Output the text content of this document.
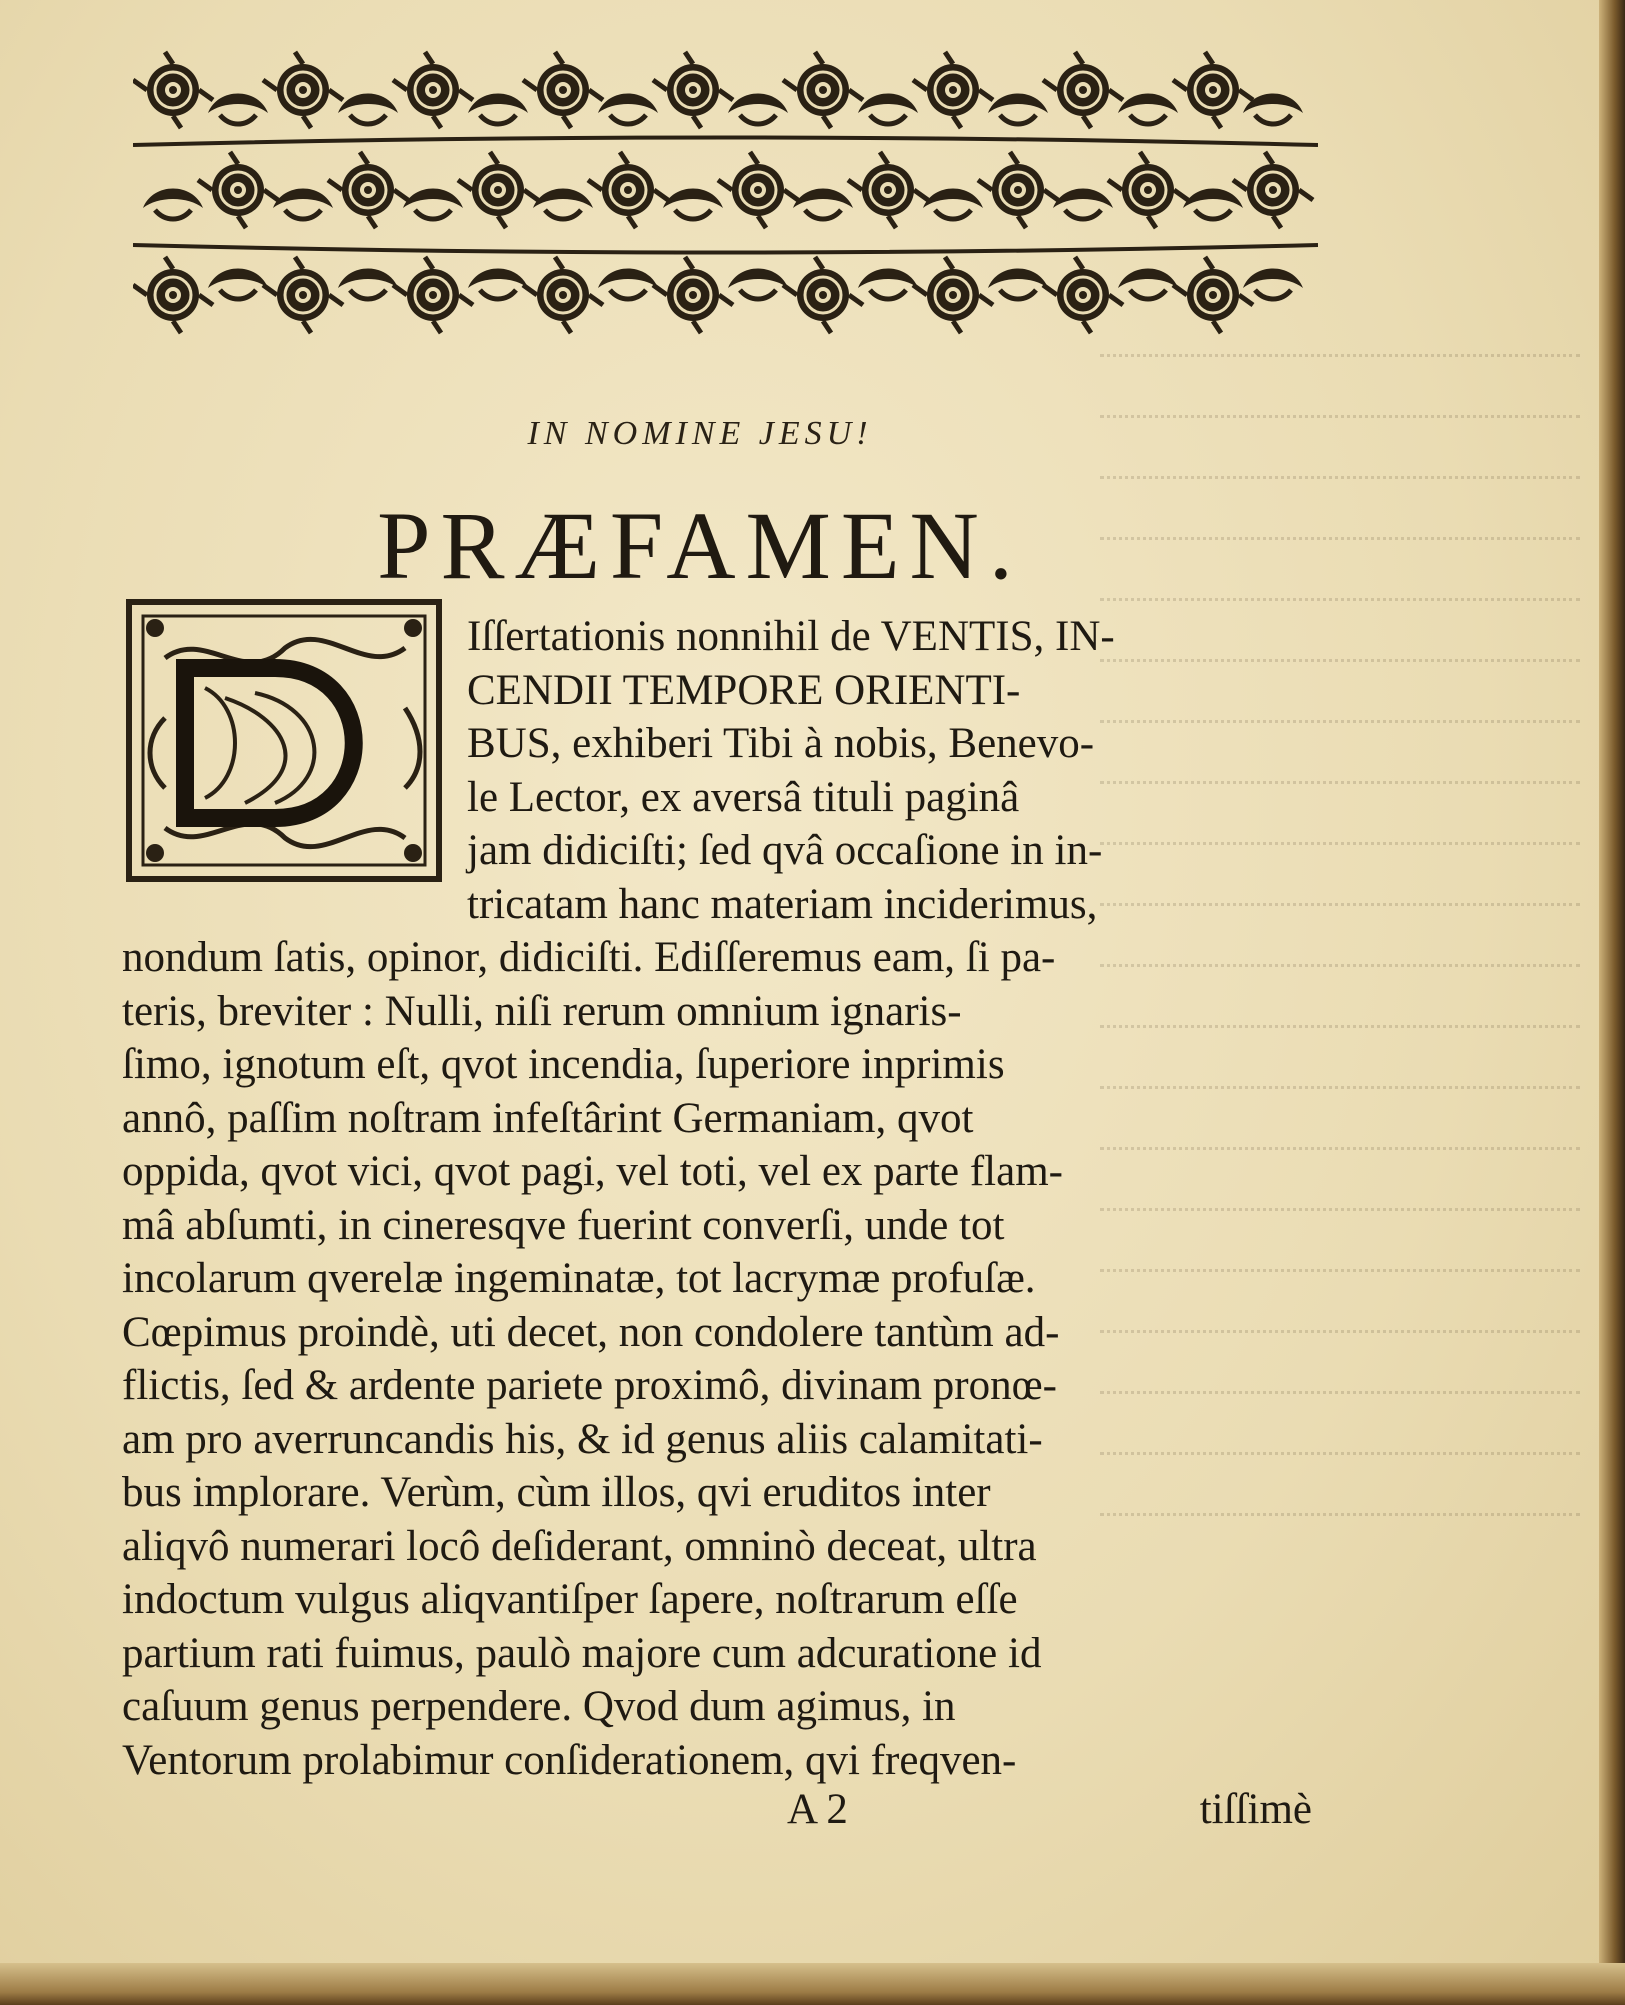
IN NOMINE JESU!
PRÆFAMEN.
Iſſertationis nonnihil de VENTIS, IN-
CENDII TEMPORE ORIENTI-
BUS, exhiberi Tibi à nobis, Benevo-
le Lector, ex aversâ tituli paginâ
jam didiciſti; ſed qvâ occaſione in in-
tricatam hanc materiam inciderimus,
nondum ſatis, opinor, didiciſti. Ediſſeremus eam, ſi pa-
teris, breviter : Nulli, niſi rerum omnium ignaris-
ſimo, ignotum eſt, qvot incendia, ſuperiore inprimis
annô, paſſim noſtram infeſtârint Germaniam, qvot
oppida, qvot vici, qvot pagi, vel toti, vel ex parte flam-
mâ abſumti, in cineresqve fuerint converſi, unde tot
incolarum qverelæ ingeminatæ, tot lacrymæ profuſæ.
Cœpimus proindè, uti decet, non condolere tantùm ad-
flictis, ſed & ardente pariete proximô, divinam pronœ-
am pro averruncandis his, & id genus aliis calamitati-
bus implorare. Verùm, cùm illos, qvi eruditos inter
aliqvô numerari locô deſiderant, omninò deceat, ultra
indoctum vulgus aliqvantiſper ſapere, noſtrarum eſſe
partium rati fuimus, paulò majore cum adcuratione id
caſuum genus perpendere. Qvod dum agimus, in
Ventorum prolabimur conſiderationem, qvi freqven-
A 2	tiſſimè
